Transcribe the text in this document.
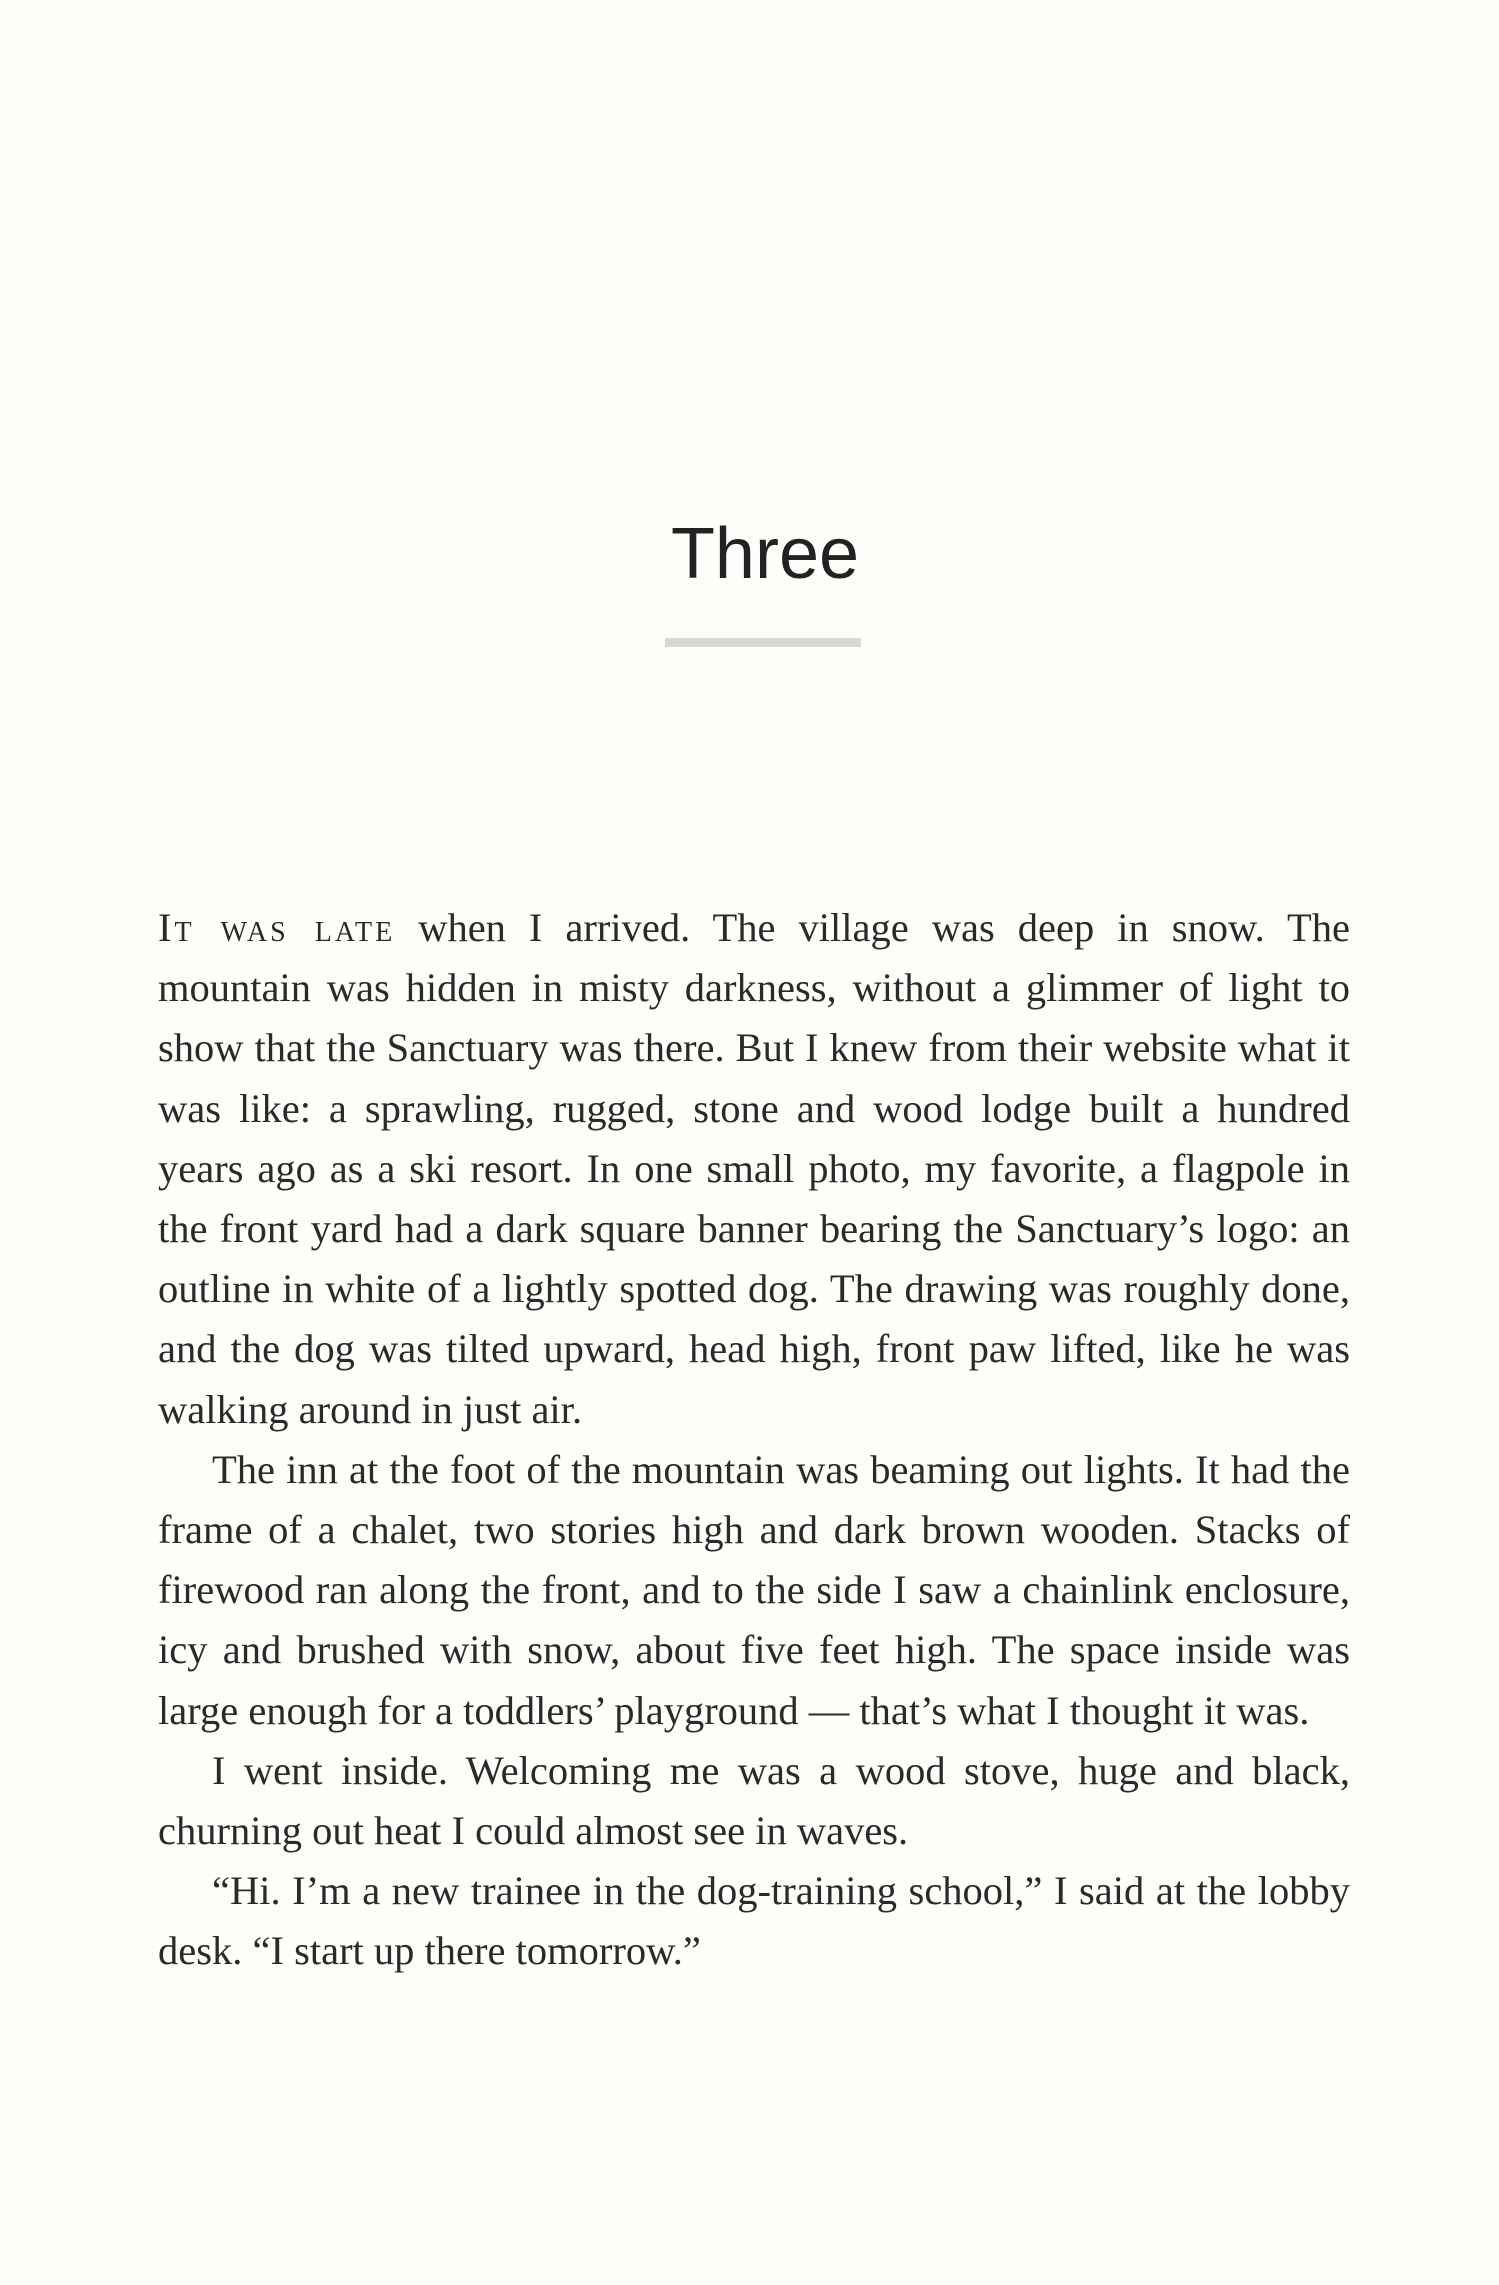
Three

It was late when I arrived. The village was deep in snow. The mountain was hidden in misty darkness, without a glimmer of light to show that the Sanctuary was there. But I knew from their website what it was like: a sprawling, rugged, stone and wood lodge built a hundred years ago as a ski resort. In one small photo, my favorite, a flagpole in the front yard had a dark square banner bearing the Sanctuary’s logo: an outline in white of a lightly spotted dog. The drawing was roughly done, and the dog was tilted upward, head high, front paw lifted, like he was walking around in just air.

The inn at the foot of the mountain was beaming out lights. It had the frame of a chalet, two stories high and dark brown wooden. Stacks of firewood ran along the front, and to the side I saw a chainlink enclosure, icy and brushed with snow, about five feet high. The space inside was large enough for a toddlers’ playground — that’s what I thought it was.

I went inside. Welcoming me was a wood stove, huge and black, churning out heat I could almost see in waves.

“Hi. I’m a new trainee in the dog-training school,” I said at the lobby desk. “I start up there tomorrow.”
